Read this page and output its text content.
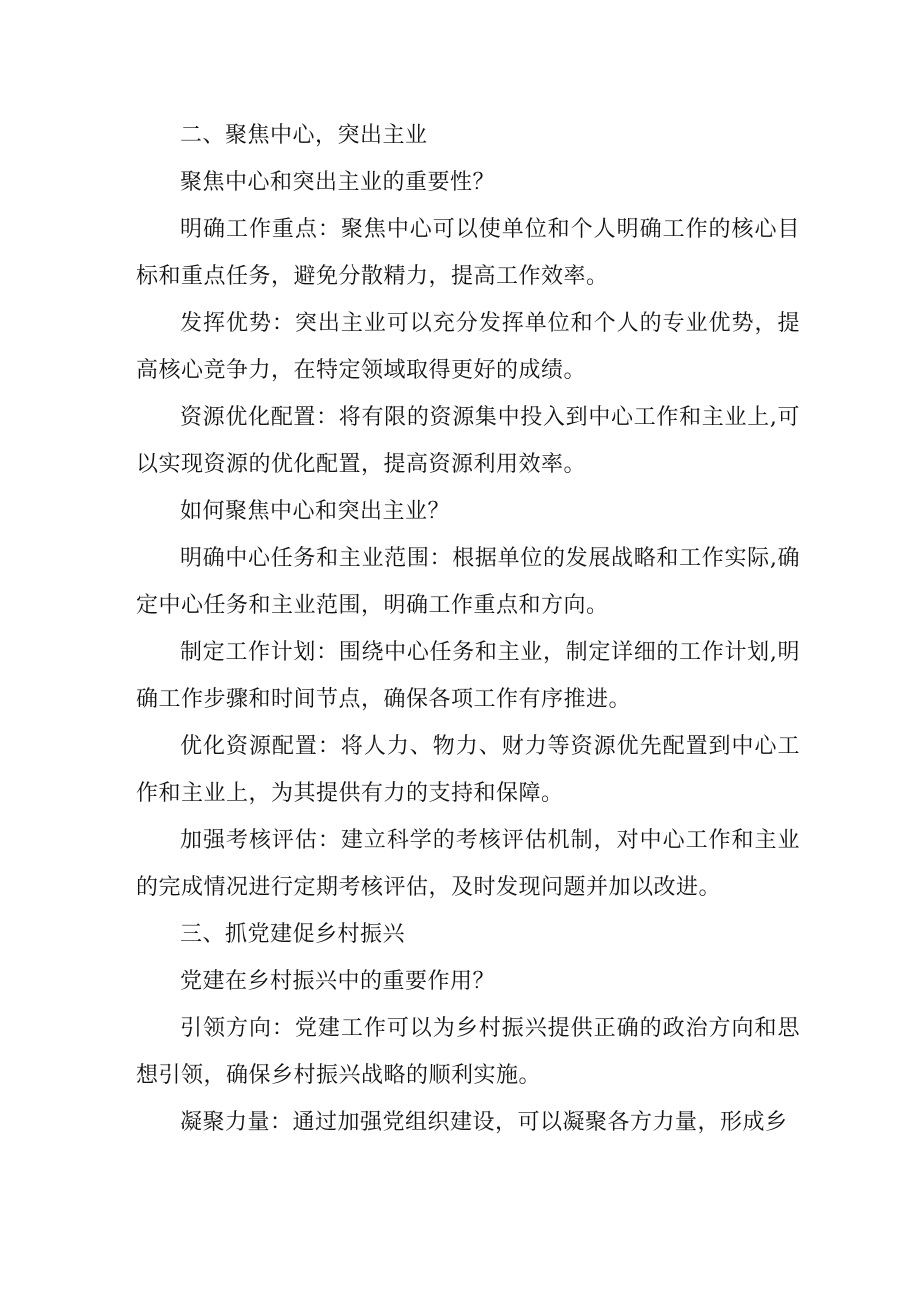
二、聚焦中心，突出主业

聚焦中心和突出主业的重要性？

明确工作重点：聚焦中心可以使单位和个人明确工作的核心目标和重点任务，避免分散精力，提高工作效率。

发挥优势：突出主业可以充分发挥单位和个人的专业优势，提高核心竞争力，在特定领域取得更好的成绩。

资源优化配置：将有限的资源集中投入到中心工作和主业上,可以实现资源的优化配置，提高资源利用效率。

如何聚焦中心和突出主业？

明确中心任务和主业范围：根据单位的发展战略和工作实际,确定中心任务和主业范围，明确工作重点和方向。

制定工作计划：围绕中心任务和主业，制定详细的工作计划,明确工作步骤和时间节点，确保各项工作有序推进。

优化资源配置：将人力、物力、财力等资源优先配置到中心工作和主业上，为其提供有力的支持和保障。

加强考核评估：建立科学的考核评估机制，对中心工作和主业的完成情况进行定期考核评估，及时发现问题并加以改进。

三、抓党建促乡村振兴

党建在乡村振兴中的重要作用？

引领方向：党建工作可以为乡村振兴提供正确的政治方向和思想引领，确保乡村振兴战略的顺利实施。

凝聚力量：通过加强党组织建设，可以凝聚各方力量，形成乡
